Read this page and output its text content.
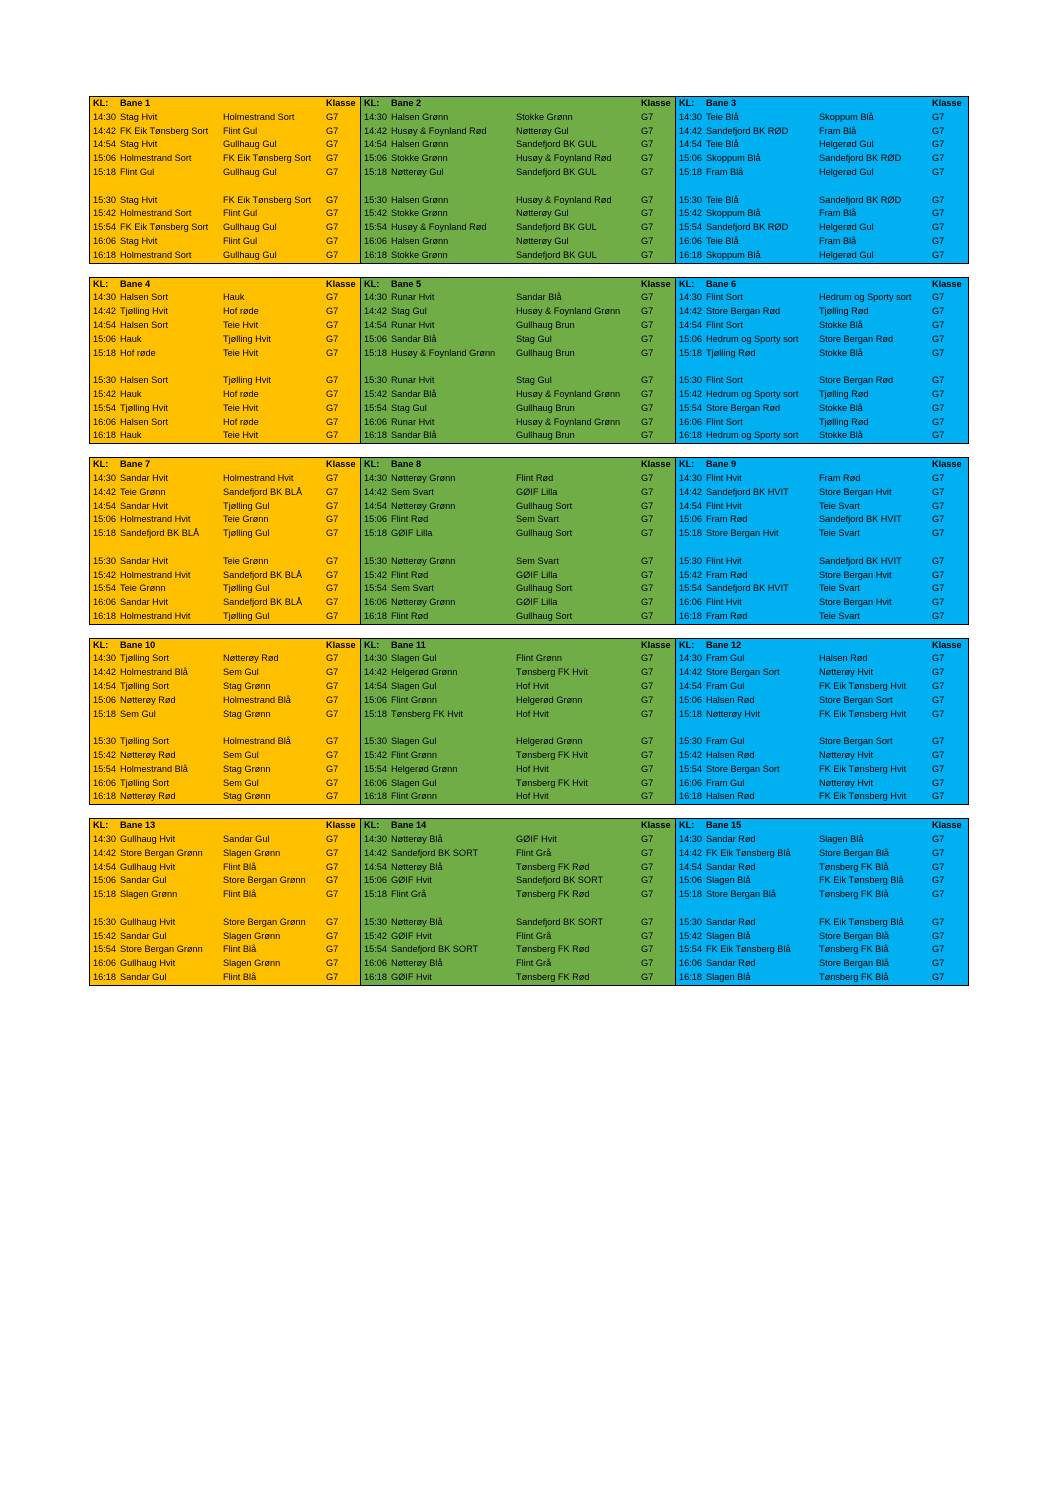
KL:	Bane 1	Klasse
14:30 Stag Hvit	Holmestrand Sort	G7
14:42 FK Eik Tønsberg Sort	Flint Gul	G7
14:54 Stag Hvit	Gullhaug Gul	G7
15:06 Holmestrand Sort	FK Eik Tønsberg Sort	G7
15:18 Flint Gul	Gullhaug Gul	G7
15:30 Stag Hvit	FK Eik Tønsberg Sort	G7
15:42 Holmestrand Sort	Flint Gul	G7
15:54 FK Eik Tønsberg Sort	Gullhaug Gul	G7
16:06 Stag Hvit	Flint Gul	G7
16:18 Holmestrand Sort	Gullhaug Gul	G7
KL:	Bane 2	Klasse
14:30 Halsen Grønn	Stokke Grønn	G7
14:42 Husøy & Foynland Rød	Nøtterøy Gul	G7
14:54 Halsen Grønn	Sandefjord BK GUL	G7
15:06 Stokke Grønn	Husøy & Foynland Rød	G7
15:18 Nøtterøy Gul	Sandefjord BK GUL	G7
15:30 Halsen Grønn	Husøy & Foynland Rød	G7
15:42 Stokke Grønn	Nøtterøy Gul	G7
15:54 Husøy & Foynland Rød	Sandefjord BK GUL	G7
16:06 Halsen Grønn	Nøtterøy Gul	G7
16:18 Stokke Grønn	Sandefjord BK GUL	G7
KL:	Bane 3	Klasse
14:30 Teie Blå	Skoppum Blå	G7
14:42 Sandefjord BK RØD	Fram Blå	G7
14:54 Teie Blå	Helgerød Gul	G7
15:06 Skoppum Blå	Sandefjord BK RØD	G7
15:18 Fram Blå	Helgerød Gul	G7
15:30 Teie Blå	Sandefjord BK RØD	G7
15:42 Skoppum Blå	Fram Blå	G7
15:54 Sandefjord BK RØD	Helgerød Gul	G7
16:06 Teie Blå	Fram Blå	G7
16:18 Skoppum Blå	Helgerød Gul	G7
KL:	Bane 4	Klasse
14:30 Halsen Sort	Hauk	G7
14:42 Tjølling Hvit	Hof røde	G7
14:54 Halsen Sort	Teie Hvit	G7
15:06 Hauk	Tjølling Hvit	G7
15:18 Hof røde	Teie Hvit	G7
15:30 Halsen Sort	Tjølling Hvit	G7
15:42 Hauk	Hof røde	G7
15:54 Tjølling Hvit	Teie Hvit	G7
16:06 Halsen Sort	Hof røde	G7
16:18 Hauk	Teie Hvit	G7
KL:	Bane 5	Klasse
14:30 Runar Hvit	Sandar Blå	G7
14:42 Stag Gul	Husøy & Foynland Grønn	G7
14:54 Runar Hvit	Gullhaug Brun	G7
15:06 Sandar Blå	Stag Gul	G7
15:18 Husøy & Foynland Grønn	Gullhaug Brun	G7
15:30 Runar Hvit	Stag Gul	G7
15:42 Sandar Blå	Husøy & Foynland Grønn	G7
15:54 Stag Gul	Gullhaug Brun	G7
16:06 Runar Hvit	Husøy & Foynland Grønn	G7
16:18 Sandar Blå	Gullhaug Brun	G7
KL:	Bane 6	Klasse
14:30 Flint Sort	Hedrum og Sporty sort	G7
14:42 Store Bergan Rød	Tjølling Rød	G7
14:54 Flint Sort	Stokke Blå	G7
15:06 Hedrum og Sporty sort	Store Bergan Rød	G7
15:18 Tjølling Rød	Stokke Blå	G7
15:30 Flint Sort	Store Bergan Rød	G7
15:42 Hedrum og Sporty sort	Tjølling Rød	G7
15:54 Store Bergan Rød	Stokke Blå	G7
16:06 Flint Sort	Tjølling Rød	G7
16:18 Hedrum og Sporty sort	Stokke Blå	G7
KL:	Bane 7	Klasse
14:30 Sandar Hvit	Holmestrand Hvit	G7
14:42 Teie Grønn	Sandefjord BK BLÅ	G7
14:54 Sandar Hvit	Tjølling Gul	G7
15:06 Holmestrand Hvit	Teie Grønn	G7
15:18 Sandefjord BK BLÅ	Tjølling Gul	G7
15:30 Sandar Hvit	Teie Grønn	G7
15:42 Holmestrand Hvit	Sandefjord BK BLÅ	G7
15:54 Teie Grønn	Tjølling Gul	G7
16:06 Sandar Hvit	Sandefjord BK BLÅ	G7
16:18 Holmestrand Hvit	Tjølling Gul	G7
KL:	Bane 8	Klasse
14:30 Nøtterøy Grønn	Flint Rød	G7
14:42 Sem Svart	GØIF Lilla	G7
14:54 Nøtterøy Grønn	Gullhaug Sort	G7
15:06 Flint Rød	Sem Svart	G7
15:18 GØIF Lilla	Gullhaug Sort	G7
15:30 Nøtterøy Grønn	Sem Svart	G7
15:42 Flint Rød	GØIF Lilla	G7
15:54 Sem Svart	Gullhaug Sort	G7
16:06 Nøtterøy Grønn	GØIF Lilla	G7
16:18 Flint Rød	Gullhaug Sort	G7
KL:	Bane 9	Klasse
14:30 Flint Hvit	Fram Rød	G7
14:42 Sandefjord BK HVIT	Store Bergan Hvit	G7
14:54 Flint Hvit	Teie Svart	G7
15:06 Fram Rød	Sandefjord BK HVIT	G7
15:18 Store Bergan Hvit	Teie Svart	G7
15:30 Flint Hvit	Sandefjord BK HVIT	G7
15:42 Fram Rød	Store Bergan Hvit	G7
15:54 Sandefjord BK HVIT	Teie Svart	G7
16:06 Flint Hvit	Store Bergan Hvit	G7
16:18 Fram Rød	Teie Svart	G7
KL:	Bane 10	Klasse
14:30 Tjølling Sort	Nøtterøy Rød	G7
14:42 Holmestrand Blå	Sem Gul	G7
14:54 Tjølling Sort	Stag Grønn	G7
15:06 Nøtterøy Rød	Holmestrand Blå	G7
15:18 Sem Gul	Stag Grønn	G7
15:30 Tjølling Sort	Holmestrand Blå	G7
15:42 Nøtterøy Rød	Sem Gul	G7
15:54 Holmestrand Blå	Stag Grønn	G7
16:06 Tjølling Sort	Sem Gul	G7
16:18 Nøtterøy Rød	Stag Grønn	G7
KL:	Bane 11	Klasse
14:30 Slagen Gul	Flint Grønn	G7
14:42 Helgerød Grønn	Tønsberg FK Hvit	G7
14:54 Slagen Gul	Hof Hvit	G7
15:06 Flint Grønn	Helgerød Grønn	G7
15:18 Tønsberg FK Hvit	Hof Hvit	G7
15:30 Slagen Gul	Helgerød Grønn	G7
15:42 Flint Grønn	Tønsberg FK Hvit	G7
15:54 Helgerød Grønn	Hof Hvit	G7
16:06 Slagen Gul	Tønsberg FK Hvit	G7
16:18 Flint Grønn	Hof Hvit	G7
KL:	Bane 12	Klasse
14:30 Fram Gul	Halsen Rød	G7
14:42 Store Bergan Sort	Nøtterøy Hvit	G7
14:54 Fram Gul	FK Eik Tønsberg Hvit	G7
15:06 Halsen Rød	Store Bergan Sort	G7
15:18 Nøtterøy Hvit	FK Eik Tønsberg Hvit	G7
15:30 Fram Gul	Store Bergan Sort	G7
15:42 Halsen Rød	Nøtterøy Hvit	G7
15:54 Store Bergan Sort	FK Eik Tønsberg Hvit	G7
16:06 Fram Gul	Nøtterøy Hvit	G7
16:18 Halsen Rød	FK Eik Tønsberg Hvit	G7
KL:	Bane 13	Klasse
14:30 Gullhaug Hvit	Sandar Gul	G7
14:42 Store Bergan Grønn	Slagen Grønn	G7
14:54 Gullhaug Hvit	Flint Blå	G7
15:06 Sandar Gul	Store Bergan Grønn	G7
15:18 Slagen Grønn	Flint Blå	G7
15:30 Gullhaug Hvit	Store Bergan Grønn	G7
15:42 Sandar Gul	Slagen Grønn	G7
15:54 Store Bergan Grønn	Flint Blå	G7
16:06 Gullhaug Hvit	Slagen Grønn	G7
16:18 Sandar Gul	Flint Blå	G7
KL:	Bane 14	Klasse
14:30 Nøtterøy Blå	GØIF Hvit	G7
14:42 Sandefjord BK SORT	Flint Grå	G7
14:54 Nøtterøy Blå	Tønsberg FK Rød	G7
15:06 GØIF Hvit	Sandefjord BK SORT	G7
15:18 Flint Grå	Tønsberg FK Rød	G7
15:30 Nøtterøy Blå	Sandefjord BK SORT	G7
15:42 GØIF Hvit	Flint Grå	G7
15:54 Sandefjord BK SORT	Tønsberg FK Rød	G7
16:06 Nøtterøy Blå	Flint Grå	G7
16:18 GØIF Hvit	Tønsberg FK Rød	G7
KL:	Bane 15	Klasse
14:30 Sandar Rød	Slagen Blå	G7
14:42 FK Eik Tønsberg Blå	Store Bergan Blå	G7
14:54 Sandar Rød	Tønsberg FK Blå	G7
15:06 Slagen Blå	FK Eik Tønsberg Blå	G7
15:18 Store Bergan Blå	Tønsberg FK Blå	G7
15:30 Sandar Rød	FK Eik Tønsberg Blå	G7
15:42 Slagen Blå	Store Bergan Blå	G7
15:54 FK Eik Tønsberg Blå	Tønsberg FK Blå	G7
16:06 Sandar Rød	Store Bergan Blå	G7
16:18 Slagen Blå	Tønsberg FK Blå	G7
